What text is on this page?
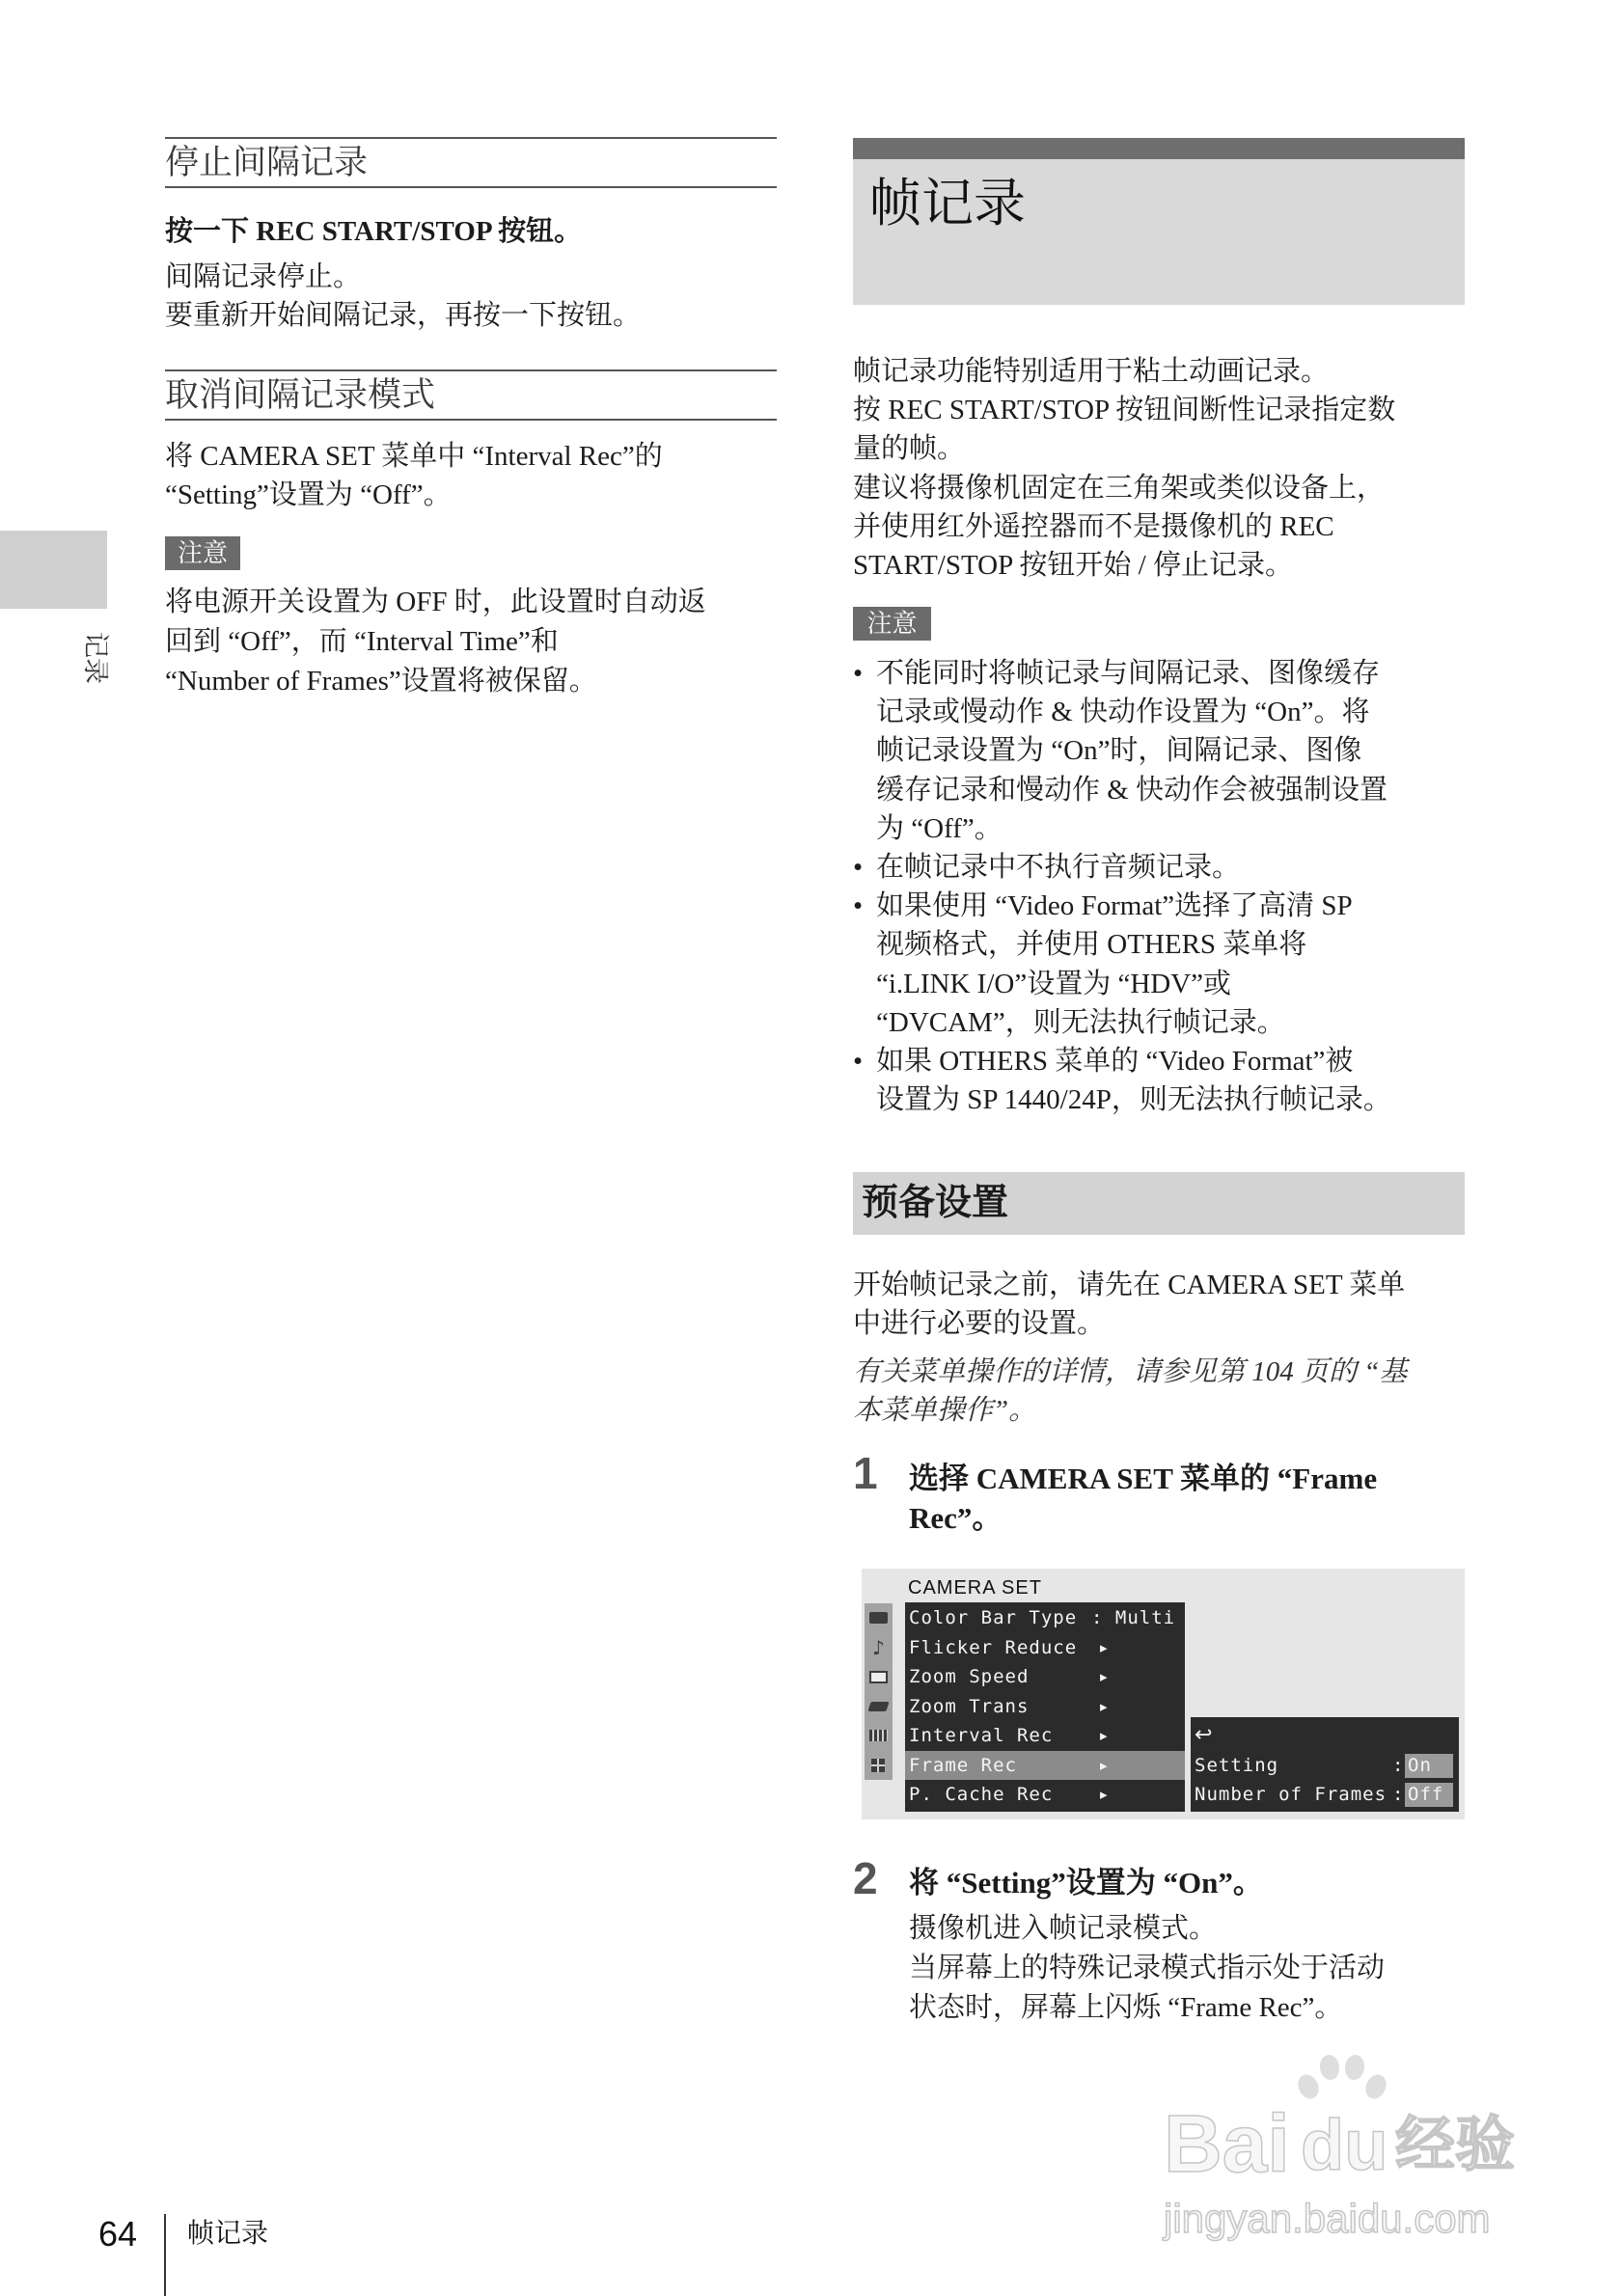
记录
停止间隔记录
按一下 REC START/STOP 按钮。
间隔记录停止。
要重新开始间隔记录，再按一下按钮。
取消间隔记录模式
将 CAMERA SET 菜单中 “Interval Rec”的
“Setting”设置为 “Off”。
注意
将电源开关设置为 OFF 时，此设置时自动返
回到 “Off”，而 “Interval Time”和
“Number of Frames”设置将被保留。
帧记录
帧记录功能特别适用于粘土动画记录。
按 REC START/STOP 按钮间断性记录指定数
量的帧。
建议将摄像机固定在三角架或类似设备上，
并使用红外遥控器而不是摄像机的 REC
START/STOP 按钮开始 / 停止记录。
注意
• 不能同时将帧记录与间隔记录、图像缓存
记录或慢动作 & 快动作设置为 “On”。将
帧记录设置为 “On”时，间隔记录、图像
缓存记录和慢动作 & 快动作会被强制设置
为 “Off”。
• 在帧记录中不执行音频记录。
• 如果使用 “Video Format”选择了高清 SP
视频格式，并使用 OTHERS 菜单将
“i.LINK I/O”设置为 “HDV”或
“DVCAM”，则无法执行帧记录。
• 如果 OTHERS 菜单的 “Video Format”被
设置为 SP 1440/24P，则无法执行帧记录。
预备设置
开始帧记录之前，请先在 CAMERA SET 菜单
中进行必要的设置。
有关菜单操作的详情，请参见第 104 页的 “基
本菜单操作”。
1 选择 CAMERA SET 菜单的 “Frame
Rec”。
CAMERA SET
♪
Color Bar Type : Multi
Flicker Reduce ▸
Zoom Speed	▸
Zoom Trans	▸
Interval Rec	▸
Frame Rec	▸
P. Cache Rec	▸
↩
Setting	: On
Number of Frames : Off
2 将 “Setting”设置为 “On”。
摄像机进入帧记录模式。
当屏幕上的特殊记录模式指示处于活动
状态时，屏幕上闪烁 “Frame Rec”。
Bai du 经验
jingyan.baidu.com
64 帧记录
